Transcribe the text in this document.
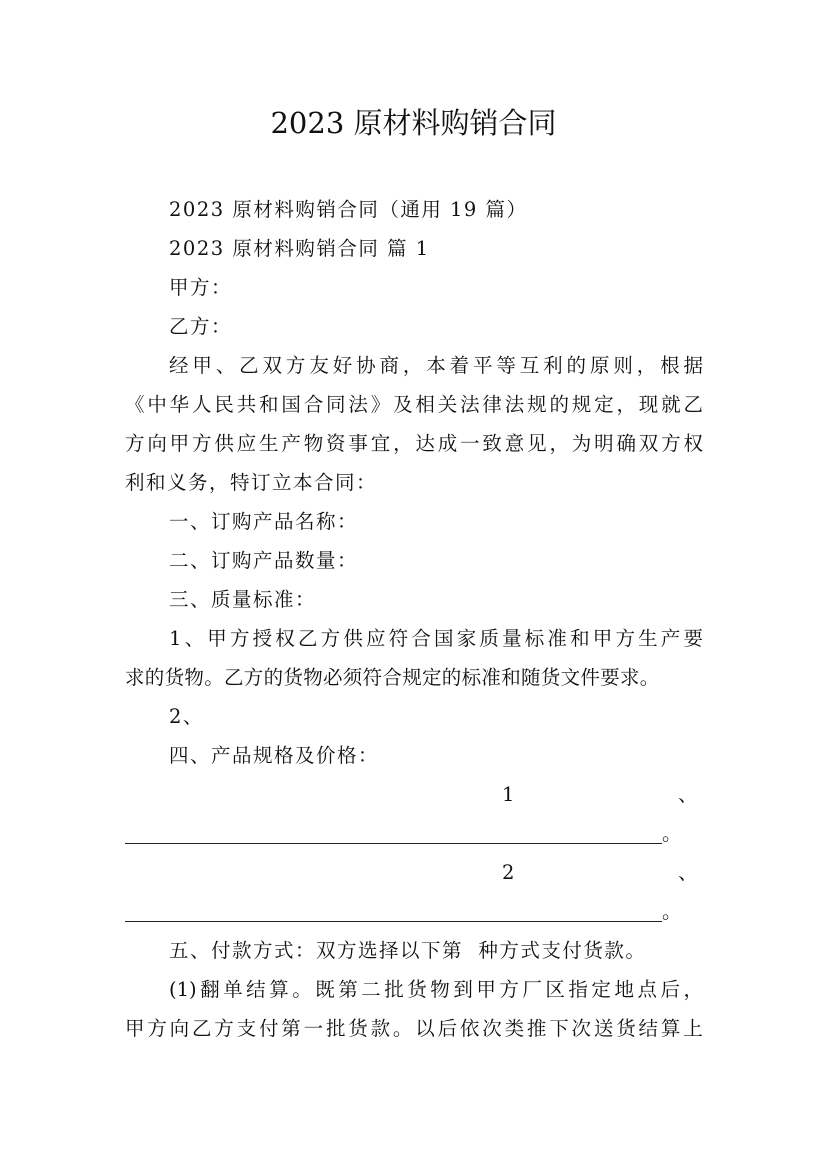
2023 原材料购销合同
2023 原材料购销合同（通用 19 篇）
2023 原材料购销合同 篇 1
甲方：
乙方：
经甲、乙双方友好协商，本着平等互利的原则，根据
《中华人民共和国合同法》及相关法律法规的规定，现就乙
方向甲方供应生产物资事宜，达成一致意见，为明确双方权
利和义务，特订立本合同：
一、订购产品名称：
二、订购产品数量：
三、质量标准：
1、甲方授权乙方供应符合国家质量标准和甲方生产要
求的货物。乙方的货物必须符合规定的标准和随货文件要求。
2、
四、产品规格及价格：
1	、
。
2	、
。
五、付款方式：双方选择以下第  种方式支付货款。
(1)翻单结算。既第二批货物到甲方厂区指定地点后，
甲方向乙方支付第一批货款。以后依次类推下次送货结算上
